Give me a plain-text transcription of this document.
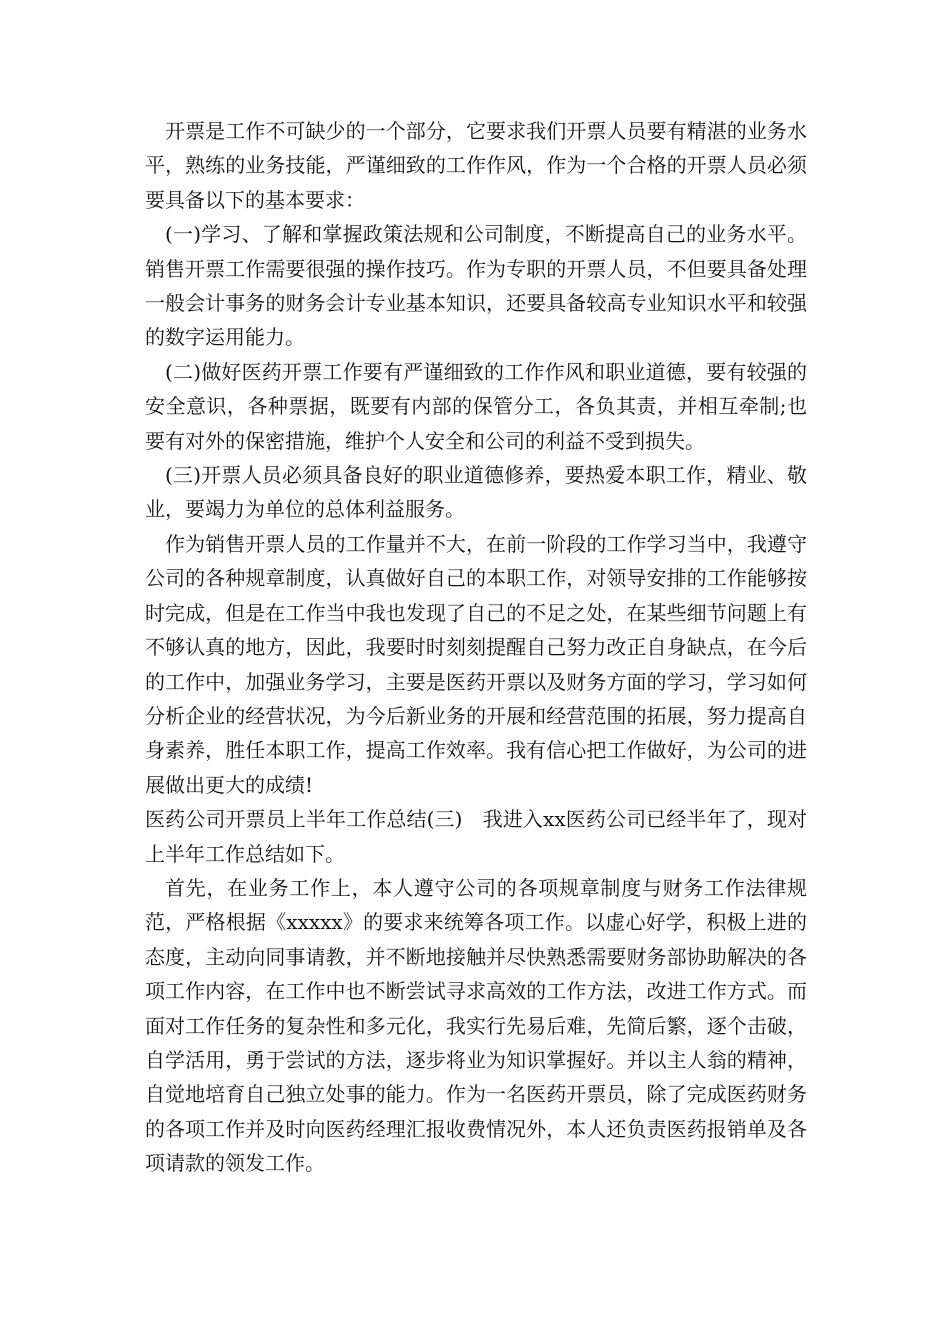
开票是工作不可缺少的一个部分，它要求我们开票人员要有精湛的业务水平，熟练的业务技能，严谨细致的工作作风，作为一个合格的开票人员必须要具备以下的基本要求：

(一)学习、了解和掌握政策法规和公司制度，不断提高自己的业务水平。销售开票工作需要很强的操作技巧。作为专职的开票人员，不但要具备处理一般会计事务的财务会计专业基本知识，还要具备较高专业知识水平和较强的数字运用能力。

(二)做好医药开票工作要有严谨细致的工作作风和职业道德，要有较强的安全意识，各种票据，既要有内部的保管分工，各负其责，并相互牵制;也要有对外的保密措施，维护个人安全和公司的利益不受到损失。

(三)开票人员必须具备良好的职业道德修养，要热爱本职工作，精业、敬业，要竭力为单位的总体利益服务。

作为销售开票人员的工作量并不大，在前一阶段的工作学习当中，我遵守公司的各种规章制度，认真做好自己的本职工作，对领导安排的工作能够按时完成，但是在工作当中我也发现了自己的不足之处，在某些细节问题上有不够认真的地方，因此，我要时时刻刻提醒自己努力改正自身缺点，在今后的工作中，加强业务学习，主要是医药开票以及财务方面的学习，学习如何分析企业的经营状况，为今后新业务的开展和经营范围的拓展，努力提高自身素养，胜任本职工作，提高工作效率。我有信心把工作做好，为公司的进展做出更大的成绩!

医药公司开票员上半年工作总结(三)　我进入xx医药公司已经半年了，现对上半年工作总结如下。

首先，在业务工作上，本人遵守公司的各项规章制度与财务工作法律规范，严格根据《xxxxx》的要求来统筹各项工作。以虚心好学，积极上进的态度，主动向同事请教，并不断地接触并尽快熟悉需要财务部协助解决的各项工作内容，在工作中也不断尝试寻求高效的工作方法，改进工作方式。而面对工作任务的复杂性和多元化，我实行先易后难，先简后繁，逐个击破，自学活用，勇于尝试的方法，逐步将业为知识掌握好。并以主人翁的精神，自觉地培育自己独立处事的能力。作为一名医药开票员，除了完成医药财务的各项工作并及时向医药经理汇报收费情况外，本人还负责医药报销单及各项请款的领发工作。
